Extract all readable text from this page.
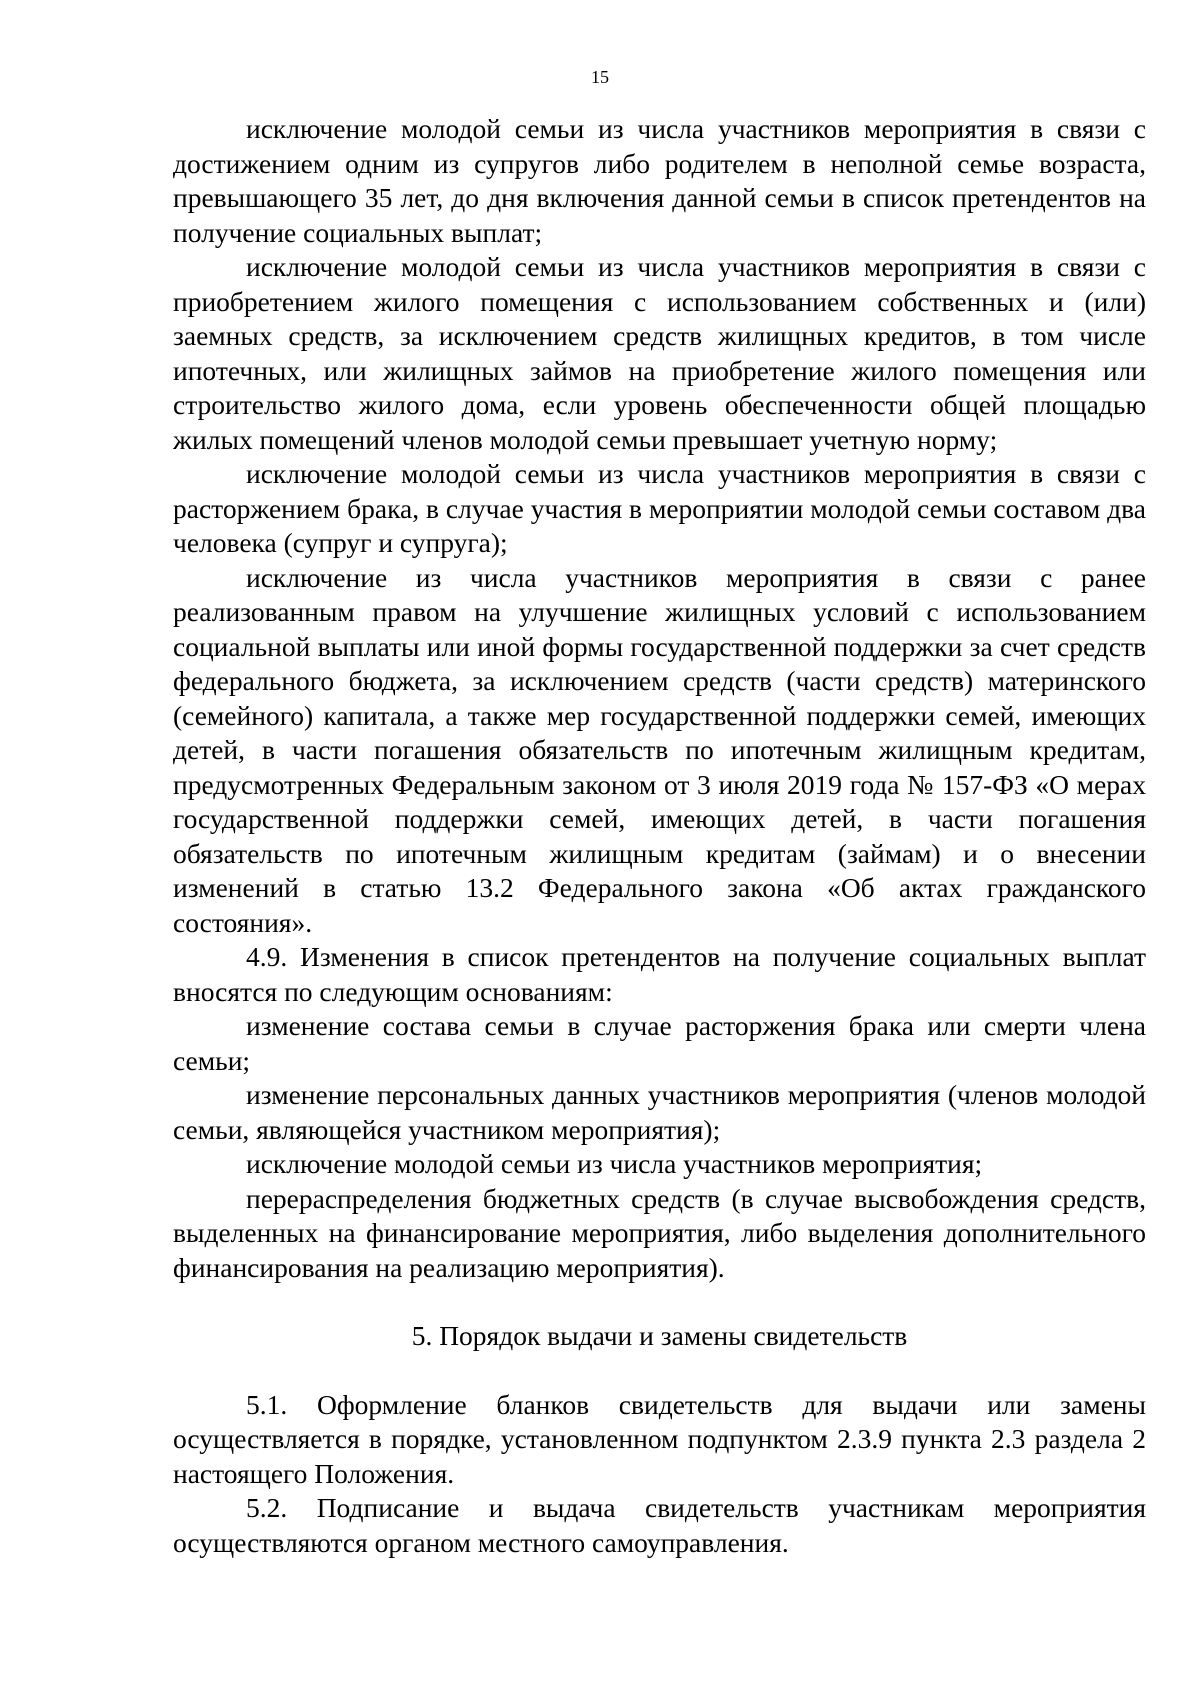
15

исключение молодой семьи из числа участников мероприятия в связи с достижением одним из супругов либо родителем в неполной семье возраста, превышающего 35 лет, до дня включения данной семьи в список претендентов на получение социальных выплат;

исключение молодой семьи из числа участников мероприятия в связи с приобретением жилого помещения с использованием собственных и (или) заемных средств, за исключением средств жилищных кредитов, в том числе ипотечных, или жилищных займов на приобретение жилого помещения или строительство жилого дома, если уровень обеспеченности общей площадью жилых помещений членов молодой семьи превышает учетную норму;

исключение молодой семьи из числа участников мероприятия в связи с расторжением брака, в случае участия в мероприятии молодой семьи составом два человека (супруг и супруга);

исключение из числа участников мероприятия в связи с ранее реализованным правом на улучшение жилищных условий с использованием социальной выплаты или иной формы государственной поддержки за счет средств федерального бюджета, за исключением средств (части средств) материнского (семейного) капитала, а также мер государственной поддержки семей, имеющих детей, в части погашения обязательств по ипотечным жилищным кредитам, предусмотренных Федеральным законом от 3 июля 2019 года № 157-ФЗ «О мерах государственной поддержки семей, имеющих детей, в части погашения обязательств по ипотечным жилищным кредитам (займам) и о внесении изменений в статью 13.2 Федерального закона «Об актах гражданского состояния».

4.9. Изменения в список претендентов на получение социальных выплат вносятся по следующим основаниям:

изменение состава семьи в случае расторжения брака или смерти члена семьи;

изменение персональных данных участников мероприятия (членов молодой семьи, являющейся участником мероприятия);

исключение молодой семьи из числа участников мероприятия;

перераспределения бюджетных средств (в случае высвобождения средств, выделенных на финансирование мероприятия, либо выделения дополнительного финансирования на реализацию мероприятия).

5. Порядок выдачи и замены свидетельств

5.1. Оформление бланков свидетельств для выдачи или замены осуществляется в порядке, установленном подпунктом 2.3.9 пункта 2.3 раздела 2 настоящего Положения.

5.2. Подписание и выдача свидетельств участникам мероприятия осуществляются органом местного самоуправления.
